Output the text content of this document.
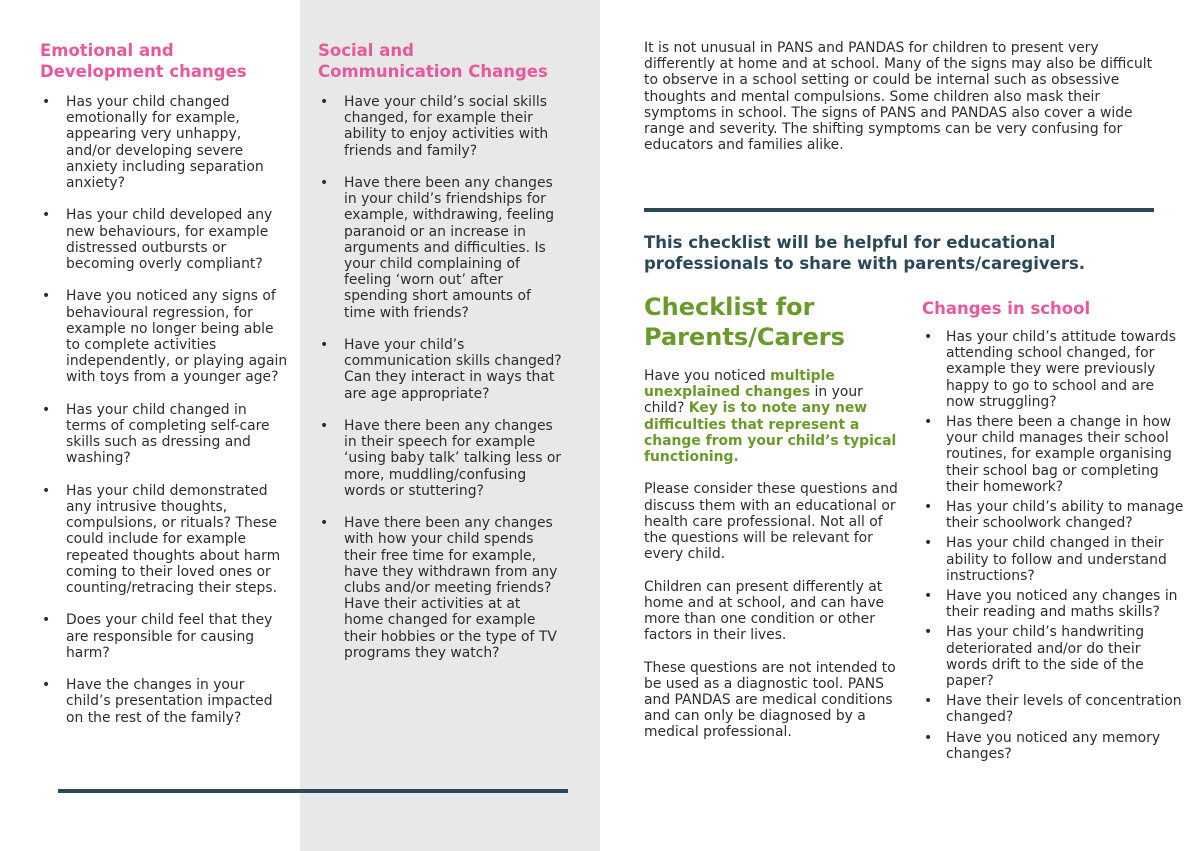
Emotional and Development changes
• Has your child changed emotionally for example, appearing very unhappy, and/or developing severe anxiety including separation anxiety?
• Has your child developed any new behaviours, for example distressed outbursts or becoming overly compliant?
• Have you noticed any signs of behavioural regression, for example no longer being able to complete activities independently, or playing again with toys from a younger age?
• Has your child changed in terms of completing self-care skills such as dressing and washing?
• Has your child demonstrated any intrusive thoughts, compulsions, or rituals? These could include for example repeated thoughts about harm coming to their loved ones or counting/retracing their steps.
• Does your child feel that they are responsible for causing harm?
• Have the changes in your child’s presentation impacted on the rest of the family?
Social and Communication Changes
• Have your child’s social skills changed, for example their ability to enjoy activities with friends and family?
• Have there been any changes in your child’s friendships for example, withdrawing, feeling paranoid or an increase in arguments and difficulties. Is your child complaining of feeling ‘worn out’ after spending short amounts of time with friends?
• Have your child’s communication skills changed? Can they interact in ways that are age appropriate?
• Have there been any changes in their speech for example ‘using baby talk’ talking less or more, muddling/confusing words or stuttering?
• Have there been any changes with how your child spends their free time for example, have they withdrawn from any clubs and/or meeting friends? Have their activities at at home changed for example their hobbies or the type of TV programs they watch?

It is not unusual in PANS and PANDAS for children to present very differently at home and at school. Many of the signs may also be difficult to observe in a school setting or could be internal such as obsessive thoughts and mental compulsions. Some children also mask their symptoms in school. The signs of PANS and PANDAS also cover a wide range and severity. The shifting symptoms can be very confusing for educators and families alike.

This checklist will be helpful for educational professionals to share with parents/caregivers.

Checklist for Parents/Carers

Have you noticed multiple unexplained changes in your child? Key is to note any new difficulties that represent a change from your child’s typical functioning.

Please consider these questions and discuss them with an educational or health care professional. Not all of the questions will be relevant for every child.

Children can present differently at home and at school, and can have more than one condition or other factors in their lives.

These questions are not intended to be used as a diagnostic tool. PANS and PANDAS are medical conditions and can only be diagnosed by a medical professional.

Changes in school
• Has your child’s attitude towards attending school changed, for example they were previously happy to go to school and are now struggling?
• Has there been a change in how your child manages their school routines, for example organising their school bag or completing their homework?
• Has your child’s ability to manage their schoolwork changed?
• Has your child changed in their ability to follow and understand instructions?
• Have you noticed any changes in their reading and maths skills?
• Has your child’s handwriting deteriorated and/or do their words drift to the side of the paper?
• Have their levels of concentration changed?
• Have you noticed any memory changes?
